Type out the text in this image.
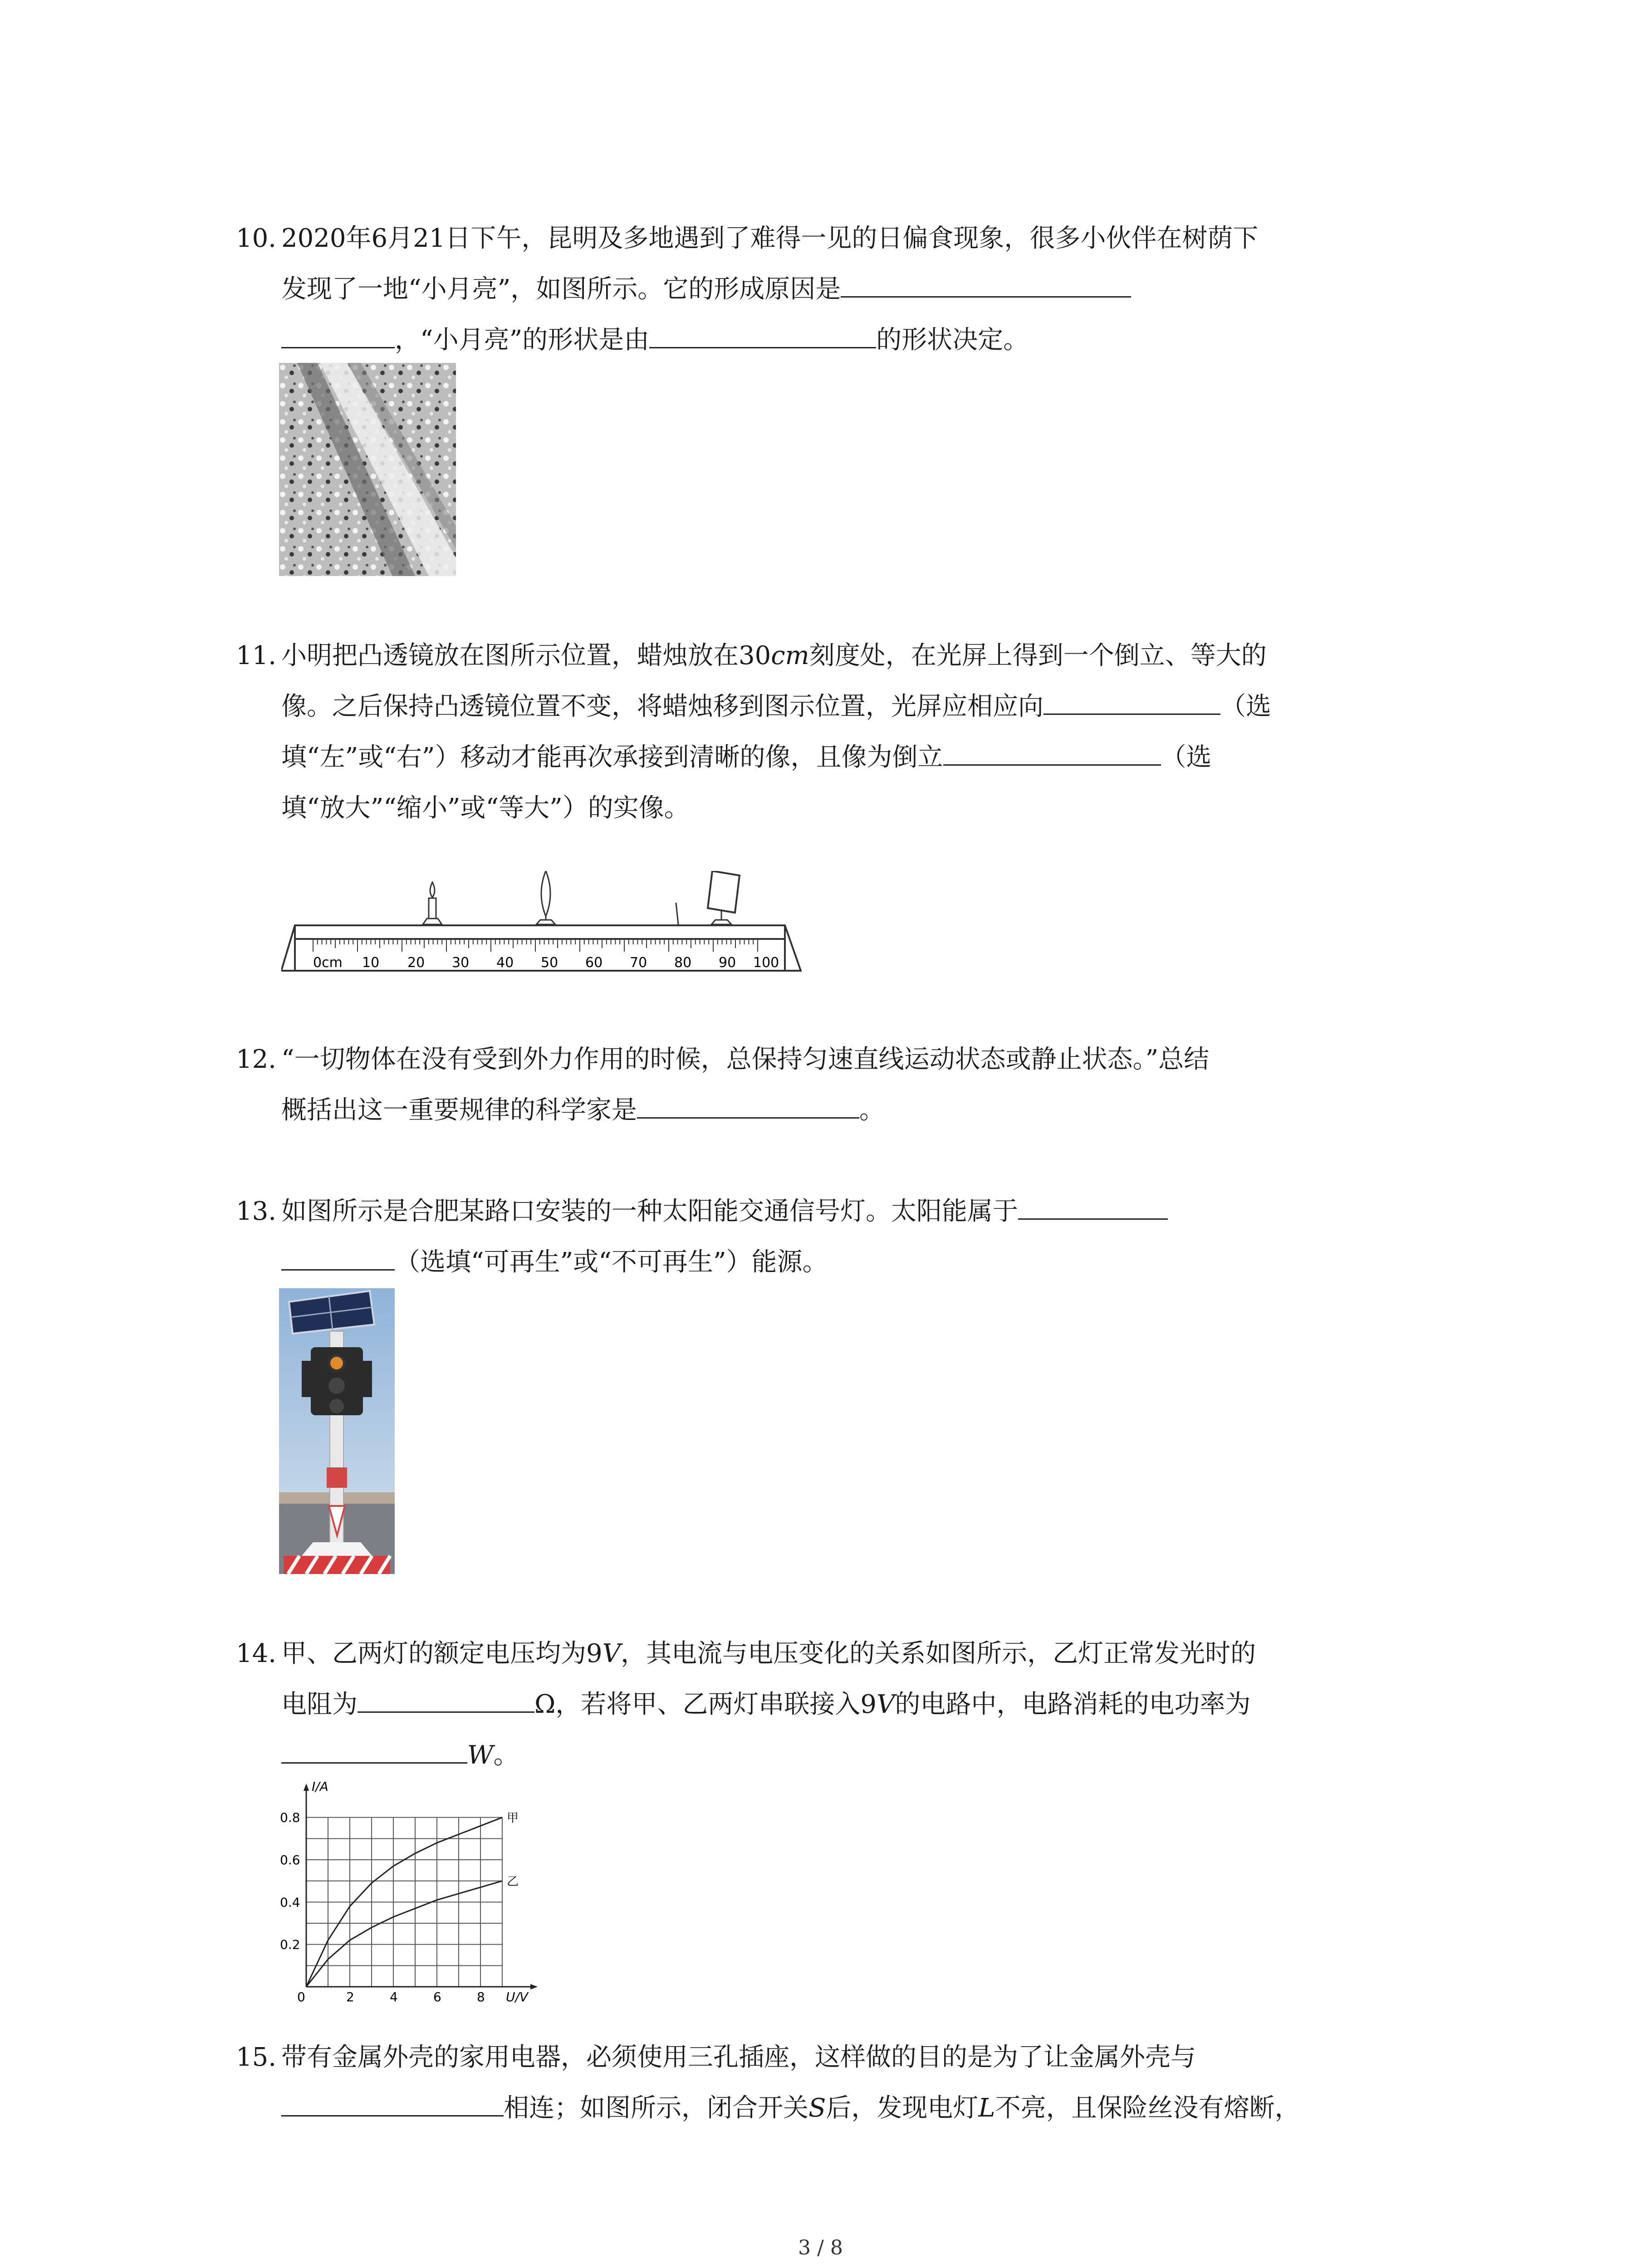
10. 2020年6月21日下午，昆明及多地遇到了难得一见的日偏食现象，很多小伙伴在树荫下
发现了一地“小月亮”，如图所示。它的形成原因是
，“小月亮”的形状是由	的形状决定。
11. 小明把凸透镜放在图所示位置，蜡烛放在30cm刻度处，在光屏上得到一个倒立、等大的
像。之后保持凸透镜位置不变，将蜡烛移到图示位置，光屏应相应向	（选
填“左”或“右”）移动才能再次承接到清晰的像，且像为倒立	（选
填“放大”“缩小”或“等大”）的实像。
0cm 10 20 30 40 50 60 70 80 90 100
12. “一切物体在没有受到外力作用的时候，总保持匀速直线运动状态或静止状态。”总结
概括出这一重要规律的科学家是	。
13. 如图所示是合肥某路口安装的一种太阳能交通信号灯。太阳能属于
（选填“可再生”或“不可再生”）能源。
14. 甲、乙两灯的额定电压均为9V，其电流与电压变化的关系如图所示，乙灯正常发光时的
电阻为	Ω，若将甲、乙两灯串联接入9V的电路中，电路消耗的电功率为
W。
I/A
U/V
0	2	4	6	8
0.2
0.4
0.6
0.8	甲
乙
15. 带有金属外壳的家用电器，必须使用三孔插座，这样做的目的是为了让金属外壳与
相连；如图所示，闭合开关S后，发现电灯L不亮，且保险丝没有熔断，
3 / 8
